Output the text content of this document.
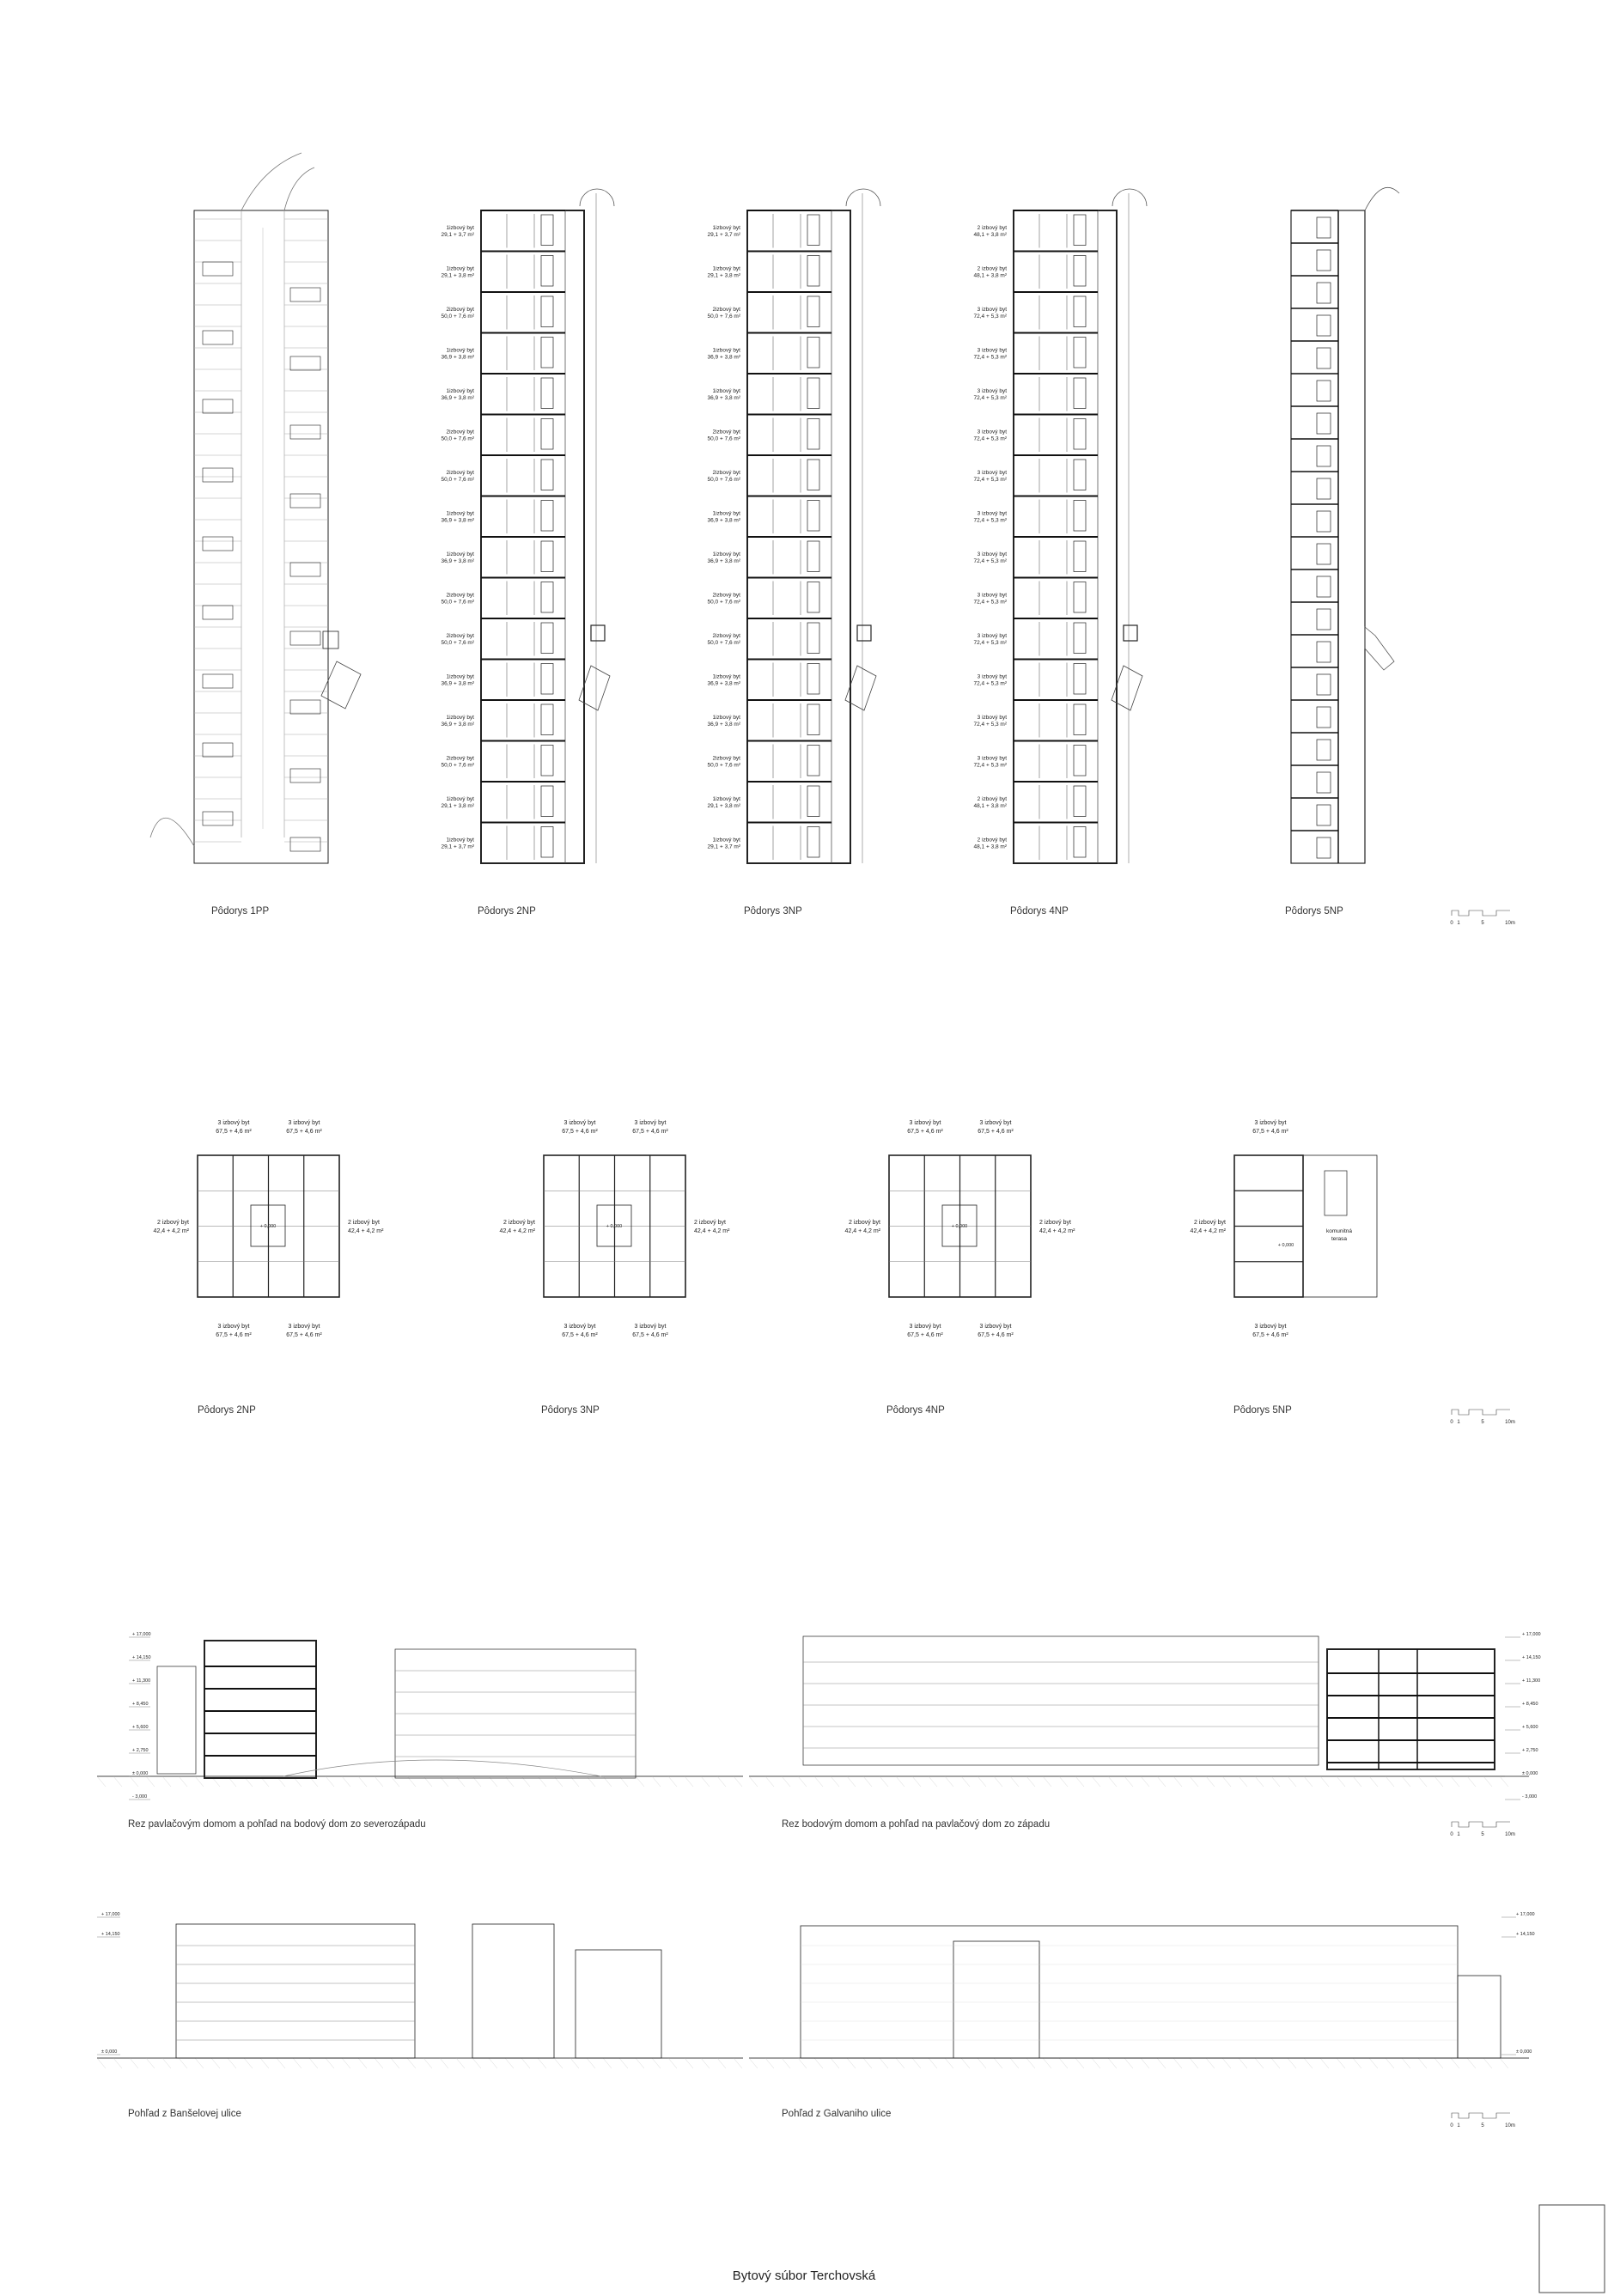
1izbový byt
29,1 + 3,7 m²
1izbový byt
29,1 + 3,8 m²
2izbový byt
50,0 + 7,6 m²
1izbový byt
36,9 + 3,8 m²
1izbový byt
36,9 + 3,8 m²
2izbový byt
50,0 + 7,6 m²
2izbový byt
50,0 + 7,6 m²
1izbový byt
36,9 + 3,8 m²
1izbový byt
36,9 + 3,8 m²
2izbový byt
50,0 + 7,6 m²
2izbový byt
50,0 + 7,6 m²
1izbový byt
36,9 + 3,8 m²
1izbový byt
36,9 + 3,8 m²
2izbový byt
50,0 + 7,6 m²
1izbový byt
29,1 + 3,8 m²
1izbový byt
29,1 + 3,7 m²
1izbový byt
29,1 + 3,7 m²
1izbový byt
29,1 + 3,8 m²
2izbový byt
50,0 + 7,6 m²
1izbový byt
36,9 + 3,8 m²
1izbový byt
36,9 + 3,8 m²
2izbový byt
50,0 + 7,6 m²
2izbový byt
50,0 + 7,6 m²
1izbový byt
36,9 + 3,8 m²
1izbový byt
36,9 + 3,8 m²
2izbový byt
50,0 + 7,6 m²
2izbový byt
50,0 + 7,6 m²
1izbový byt
36,9 + 3,8 m²
1izbový byt
36,9 + 3,8 m²
2izbový byt
50,0 + 7,6 m²
1izbový byt
29,1 + 3,8 m²
1izbový byt
29,1 + 3,7 m²
2 izbový byt
48,1 + 3,8 m²
2 izbový byt
48,1 + 3,8 m²
3 izbový byt
72,4 + 5,3 m²
3 izbový byt
72,4 + 5,3 m²
3 izbový byt
72,4 + 5,3 m²
3 izbový byt
72,4 + 5,3 m²
3 izbový byt
72,4 + 5,3 m²
3 izbový byt
72,4 + 5,3 m²
3 izbový byt
72,4 + 5,3 m²
3 izbový byt
72,4 + 5,3 m²
3 izbový byt
72,4 + 5,3 m²
3 izbový byt
72,4 + 5,3 m²
3 izbový byt
72,4 + 5,3 m²
3 izbový byt
72,4 + 5,3 m²
2 izbový byt
48,1 + 3,8 m²
2 izbový byt
48,1 + 3,8 m²
3 izbový byt
67,5 + 4,6 m²
3 izbový byt
67,5 + 4,6 m²
3 izbový byt
67,5 + 4,6 m²
3 izbový byt
67,5 + 4,6 m²
2 izbový byt
42,4 + 4,2 m²
2 izbový byt
42,4 + 4,2 m²
+ 0,000
3 izbový byt
67,5 + 4,6 m²
3 izbový byt
67,5 + 4,6 m²
3 izbový byt
67,5 + 4,6 m²
3 izbový byt
67,5 + 4,6 m²
2 izbový byt
42,4 + 4,2 m²
2 izbový byt
42,4 + 4,2 m²
+ 0,000
3 izbový byt
67,5 + 4,6 m²
3 izbový byt
67,5 + 4,6 m²
3 izbový byt
67,5 + 4,6 m²
3 izbový byt
67,5 + 4,6 m²
2 izbový byt
42,4 + 4,2 m²
2 izbový byt
42,4 + 4,2 m²
+ 0,000
3 izbový byt
67,5 + 4,6 m²
3 izbový byt
67,5 + 4,6 m²
2 izbový byt
42,4 + 4,2 m²	komunitná
terasa
+ 0,000
+ 17,000
+ 14,150
+ 11,300
+ 8,450
+ 5,600
+ 2,750
± 0,000
- 3,000
+ 17,000
+ 14,150
+ 11,300
+ 8,450
+ 5,600
+ 2,750
± 0,000
- 3,000
+ 17,000
+ 14,150
± 0,000
+ 17,000
+ 14,150
± 0,000
0 1	5	10m
0 1	5	10m
0 1	5	10m
0 1	5	10m
Pôdorys 1PP	Pôdorys 2NP	Pôdorys 3NP	Pôdorys 4NP	Pôdorys 5NP
Pôdorys 2NP	Pôdorys 3NP	Pôdorys 4NP	Pôdorys 5NP
Rez pavlačovým domom a pohľad na bodový dom zo severozápadu	Rez bodovým domom a pohľad na pavlačový dom zo západu
Pohľad z Banšelovej ulice	Pohľad z Galvaniho ulice
Bytový súbor Terchovská
